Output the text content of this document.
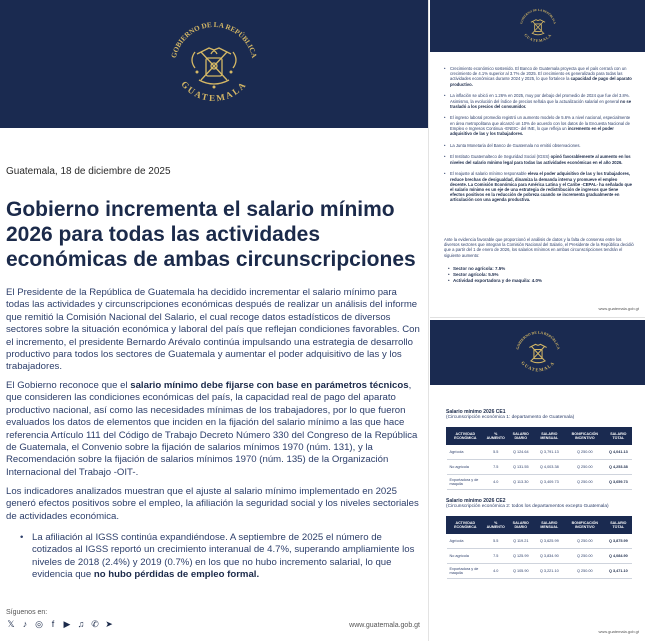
GOBIERNO DE LA REPÚBLICA
GUATEMALA
Guatemala, 18 de diciembre de 2025
Gobierno incrementa el salario mínimo 2026 para todas las actividades económicas de ambas circunscripciones

El Presidente de la República de Guatemala ha decidido incrementar el salario mínimo para todas las actividades y circunscripciones económicas después de realizar un análisis del informe que remitió la Comisión Nacional del Salario, el cual recoge datos estadísticos de diversos sectores sobre la situación económica y laboral del país que reflejan condiciones favorables. Con el incremento, el presidente Bernardo Arévalo continúa impulsando una estrategia de desarrollo productivo para todos los sectores de Guatemala y aumentar el poder adquisitivo de las y los trabajadores.

El Gobierno reconoce que el salario mínimo debe fijarse con base en parámetros técnicos, que consideren las condiciones económicas del país, la capacidad real de pago del aparato productivo nacional, así como las necesidades mínimas de los trabajadores, por lo que fueron evaluados los datos de elementos que inciden en la fijación del salario mínimo a las que hace referencia Artículo 111 del Código de Trabajo Decreto Número 330 del Congreso de la República de Guatemala, el Convenio sobre la fijación de salarios mínimos 1970 (núm. 131), y la Recomendación sobre la fijación de salarios mínimos 1970 (núm. 135) de la Organización Internacional del Trabajo -OIT-.

Los indicadores analizados muestran que el ajuste al salario mínimo implementado en 2025 generó efectos positivos sobre el empleo, la afiliación la seguridad social y los niveles sectoriales de actividades económica.

• La afiliación al IGSS continúa expandiéndose. A septiembre de 2025 el número de cotizados al IGSS reportó un crecimiento interanual de 4.7%, superando ampliamiente los niveles de 2018 (2.4%) y 2019 (0.7%) en los que no hubo incremento salarial, lo que evidencia que no hubo pérdidas de empleo formal.

Síguenos en:
𝕏 ♪ ◎ f	▶ ♫ ✆ ➤	www.guatemala.gob.gt
GOBIERNO DE LA REPÚBLICA
GUATEMALA
• Crecimiento económico sostenido. El Banco de Guatemala proyecta que el país cerrará con un crecimiento de 4.1% superior al 3.7% de 2025. El crecimiento es generalizado para todas las actividades económicas durante 2024 y 2025, lo que fortalece la capacidad de pago del aparato productivo.
• La inflación se ubicó en 1.26% en 2025, muy por debajo del promedio de 2024 que fue del 3.8%. Asimismo, la evolución del índice de precios señala que la actualización salarial en general no se trasladó a los precios del consumidor.
• El ingreso laboral promedio registró un aumento modelo de 5.6% a nivel nacional, especialmente en área metropolitana que alcanzó un 10% de acuerdo con los datos de la Encuesta Nacional de Empleo e Ingresos Continua -ENEIC- del INE, lo que refleja un incremento en el poder adquisitivo de las y los trabajadores.
• La Junta Monetaria del Banco de Guatemala no emitió observaciones.
• El Instituto Guatemalteco de Seguridad Social (IGSS) opinó favorablemente al aumento en los niveles del salario mínimo legal para todas las actividades económicas en el año 2026.
• El reajuste al salario mínimo responsable eleva el poder adquisitivo de las y los trabajadores, reduce brechas de desigualdad, dinamiza la demanda interna y promueve el empleo decente. La Comisión Económica para América Latina y el Caribe -CEPAL- ha señalado que el salario mínimo es un eje de una estrategia de redistribución de ingresos que tiene efectos positivos en la reducción de pobreza cuando se incrementa gradualmente en articulación con una agenda productiva.

Ante la evidencia favorable que proporcionó el análisis de datos y la falta de consenso entre los diversos sectores que integran la Comisión Nacional del Salario, el Presidente de la República decidió que a partir del 1 de enero de 2026, los salarios mínimos en ambas circunscripciones tendrán el siguiente aumento:

• Sector no agrícola: 7.5%
• Sector agrícola: 5.5%
• Actividad exportadora y de maquila: 4.0%
www.guatemala.gob.gt
GOBIERNO DE LA REPÚBLICA
GUATEMALA
Salario mínimo 2026 CE1
(Circunscripción económica 1: departamento de Guatemala)
ACTIVIDAD ECONÓMICA	% AUMENTO	SALARIO DIARIO	SALARIO MENSUAL	BONIFICACIÓN INCENTIVO	SALARIO TOTAL
Agrícola	5.5	Q 124.64	Q 3,791.13	Q 250.00	Q 4,041.13
No agrícola	7.5	Q 131.55	Q 4,003.38	Q 250.00	Q 4,253.38
Exportadora y de maquila	4.0	Q 113.30	Q 3,409.73	Q 250.00	Q 3,659.73
Salario mínimo 2026 CE2
(Circunscripción económica 2: todos los departamentos excepto Guatemala)
ACTIVIDAD ECONÓMICA	% AUMENTO	SALARIO DIARIO	SALARIO MENSUAL	BONIFICACIÓN INCENTIVO	SALARIO TOTAL
Agrícola	5.5	Q 119.21	Q 3,625.99	Q 250.00	Q 3,875.99
No agrícola	7.5	Q 125.99	Q 3,834.90	Q 250.00	Q 4,084.90
Exportadora y de maquila	4.0	Q 105.90	Q 3,221.10	Q 250.00	Q 3,471.10
www.guatemala.gob.gt
